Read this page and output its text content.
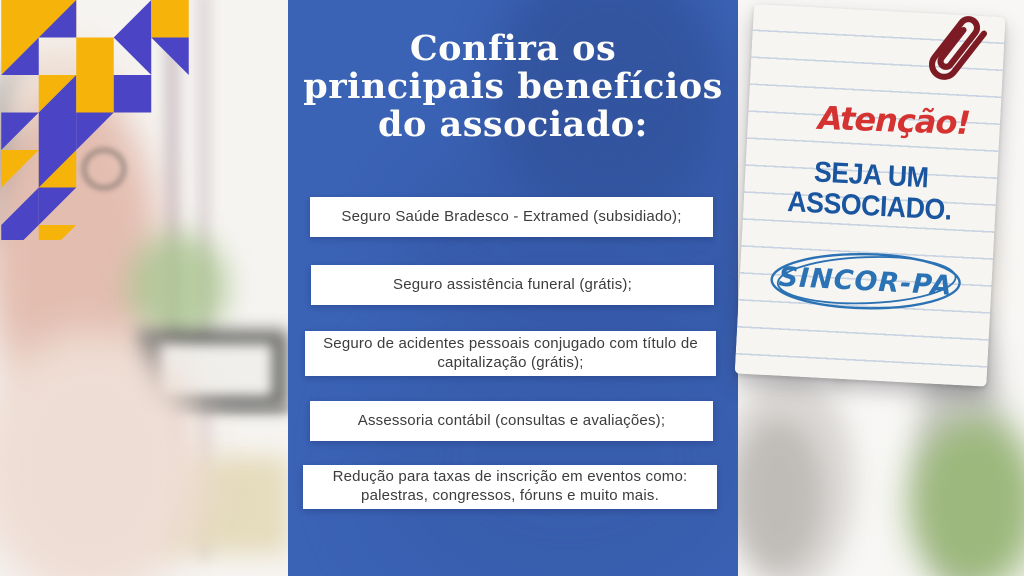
Confira os
principais benefícios
do associado:
Seguro Saúde Bradesco - Extramed (subsidiado);
Seguro assistência funeral (grátis);
Seguro de acidentes pessoais conjugado com título de capitalização (grátis);
Assessoria contábil (consultas e avaliações);
Redução para taxas de inscrição em eventos como: palestras, congressos, fóruns e muito mais.
Atenção!
SEJA UM
ASSOCIADO.
SINCOR-PA
